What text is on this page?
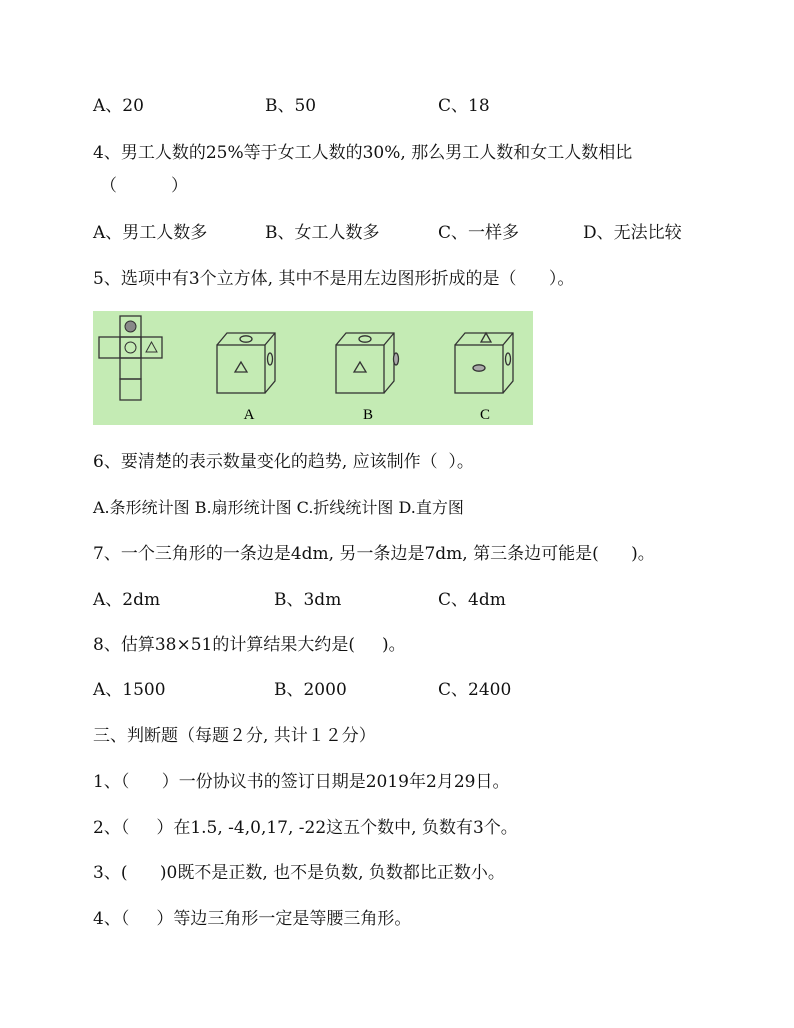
A、20	B、50	C、18
4、男工人数的25%等于女工人数的30%, 那么男工人数和女工人数相比
（          ）
A、男工人数多	B、女工人数多	C、一样多	D、无法比较
5、选项中有3个立方体, 其中不是用左边图形折成的是（      ）。
A	B	C
6、要清楚的表示数量变化的趋势, 应该制作（  ）。
A.条形统计图 B.扇形统计图 C.折线统计图 D.直方图
7、一个三角形的一条边是4dm, 另一条边是7dm, 第三条边可能是(      )。
A、2dm	B、3dm	C、4dm
8、估算38×51的计算结果大约是(     )。
A、1500	B、2000	C、2400
三、判断题（每题２分, 共计１２分）
1、（      ）一份协议书的签订日期是2019年2月29日。
2、（     ）在1.5, -4,0,17, -22这五个数中, 负数有3个。
3、(      )0既不是正数, 也不是负数, 负数都比正数小。
4、（     ）等边三角形一定是等腰三角形。
